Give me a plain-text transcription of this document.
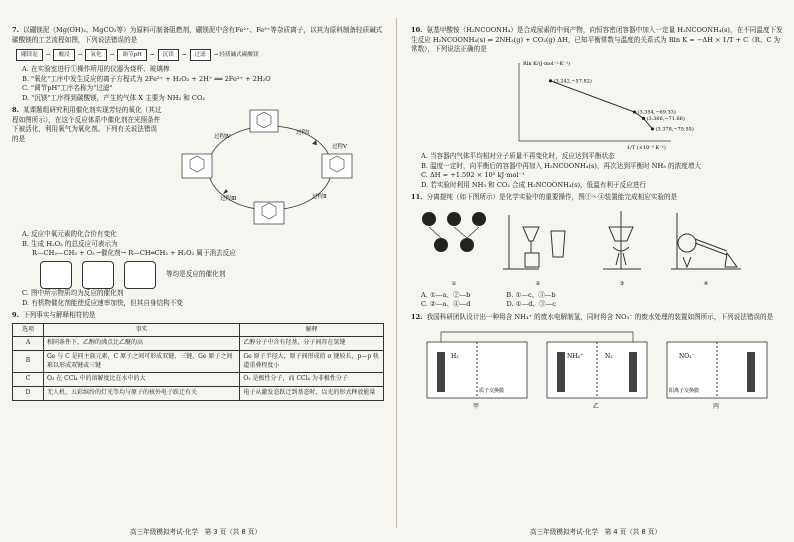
7. 以硼镁泥（Mg(OH)₂、MgCO₃等）为原料可制备阻燃剂，硼镁泥中含有Fe²⁺、Fe³⁺等杂质离子，以其为原料制备轻质碱式碳酸镁的工艺流程如图，下列说法错误的是
硼镁泥	→	酸浸	→	氧化	→	调节pH	→	沉镁	→	过滤	→ 轻质碱式碳酸镁
A. 在实验室进行①操作所用的仪器为烧杯、玻璃棒
B. "氧化"工序中发生反应的离子方程式为 2Fe²⁺ + H₂O₂ + 2H⁺ ══ 2Fe³⁺ + 2H₂O
C. "调节pH"工序名称为"过滤"
D. "沉镁"工序得到碳酸镁，产生的气体 X 主要为 NH₃ 和 CO₂
8. 某课题组研究利用催化剂实现芳烃的氧化（其过程如图所示），在这个反应体系中催化剂在光照条件下被活化，利用氧气为氧化剂。下列有关说法错误的是
过程Ⅰ
过程Ⅱ
过程Ⅲ
过程Ⅳ
过程Ⅴ
A. 反应中氧元素的化合价有变化
B. 生成 H₂O₂ 的总反应可表示为
R—CH₂—CH₃ + O₂ ─催化剂→ R—CH═CH₂ + H₂O₂ 属于消去反应
等均是反应的催化剂
C. 图中所示物质均为反应的催化剂
D. 有机物催化剂能使反应速率加快，但其自身结构不变
9. 下列事实与解释相符的是
选项	事实	解释
A	相同条件下，乙醇的沸点比乙醚的高	乙醇分子中含有羟基，分子间存在氢键
B	Ge 与 C 是同主族元素，C 原子之间可形成双键、三键，Ge 原子之间难以形成双键或三键	Ge 原子半径大，原子间形成的 σ 键较长，p—p 轨道重叠程度小
C	O₃ 在 CCl₄ 中的溶解度比在水中的大	O₃ 是极性分子，而 CCl₄ 为非极性分子
D	无人机、五彩缤纷的灯光等均与原子的核外电子跃迁有关	电子从激发态跃迁到基态时，以光的形式释放能量
10. 氨基甲酸铵（H₂NCOONH₄）是合成尿素的中间产物，向恒容密闭容器中加入一定量 H₂NCOONH₄(s)，在不同温度下发生反应 H₂NCOONH₄(s) ⇌ 2NH₃(g) + CO₂(g) ΔH，已知平衡常数与温度的关系式为 Rln K = −ΔH × 1/T + C（R、C 为常数），下列说法正确的是
Rln K/(J·mol⁻¹·K⁻¹)
1/T (×10⁻³ K⁻¹)
(3.242,−57.82)
(3.354,−69.33)
(3.366,−71.66)
(3.378,−75.55)
A. 当容器内气体平均相对分子质量不再变化时，反应达到平衡状态
B. 温度一定时，向平衡后的容器中再加入 H₂NCOONH₄(s)，再次达到平衡时 NH₃ 的浓度增大
C. ΔH = +1.592 × 10⁵ kJ·mol⁻¹
D. 若实验时利用 NH₃ 和 CO₂ 合成 H₂NCOONH₄(s)，低温有利于反应进行
11. 分离提纯（如下图所示）是化学实验中的重要操作，图①～④装置能完成相应实验的是
①	②	③	④
A. ①—a、②—b	B. ①—c、③—b
C. ②—a、④—d	D. ①—d、③—c
12. 我国科研团队设计出一种将含 NH₄⁺ 的废水电解制氢，同时将含 NO₃⁻ 的废水处理的装置如图所示，下列说法错误的是
H₂	NH₄⁺	N₂	NO₃⁻
质子交换膜	阳离子交换膜
甲	乙	丙
高三年级模拟考试·化学　第 3 页（共 8 页）	高三年级模拟考试·化学　第 4 页（共 8 页）
